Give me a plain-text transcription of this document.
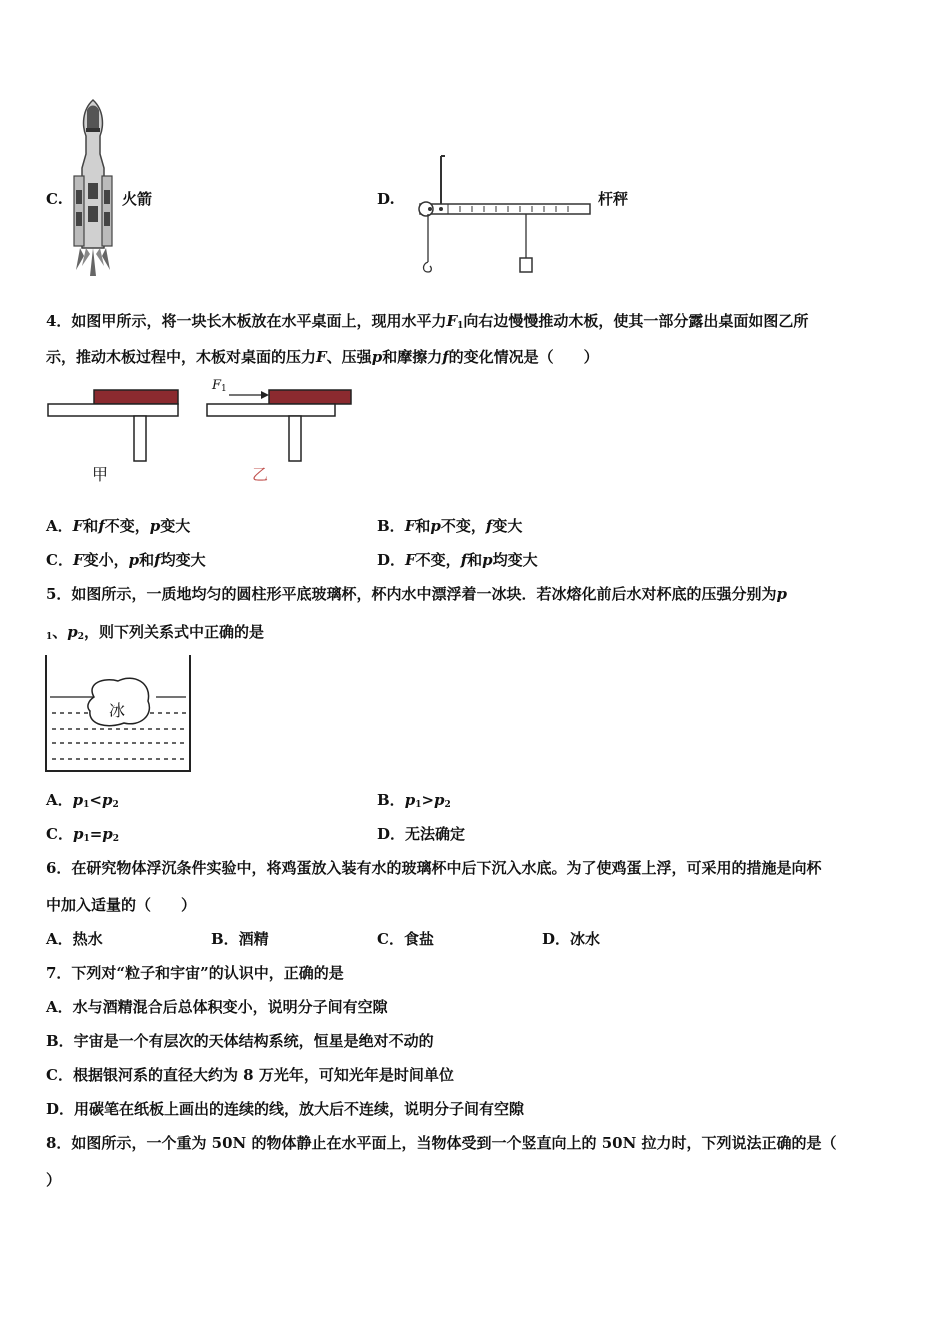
C.	火箭	D.	杆秤
4．如图甲所示，将一块长木板放在水平桌面上，现用水平力$F_1$向右边慢慢推动木板，使其一部分露出桌面如图乙所
示，推动木板过程中，木板对桌面的压力F、压强p和摩擦力f的变化情况是（　　）
甲
$F_1$
乙
A．F和f不变，p变大	B．F和p不变，f变大
C．F变小，p和f均变大	D．F不变，f和p均变大
5．如图所示，一质地均匀的圆柱形平底玻璃杯，杯内水中漂浮着一冰块．若冰熔化前后水对杯底的压强分别为p
$_1$、$p_2$，则下列关系式中正确的是
冰
A．$p_1<p_2$	B．$p_1>p_2$
C．$p_1=p_2$	D．无法确定
6．在研究物体浮沉条件实验中，将鸡蛋放入装有水的玻璃杯中后下沉入水底。为了使鸡蛋上浮，可采用的措施是向杯
中加入适量的（　　）
A．热水	B．酒精	C．食盐	D．冰水
7．下列对“粒子和宇宙”的认识中，正确的是
A．水与酒精混合后总体积变小，说明分子间有空隙
B．宇宙是一个有层次的天体结构系统，恒星是绝对不动的
C．根据银河系的直径大约为 8 万光年，可知光年是时间单位
D．用碳笔在纸板上画出的连续的线，放大后不连续，说明分子间有空隙
8．如图所示，一个重为 50N 的物体静止在水平面上，当物体受到一个竖直向上的 50N 拉力时，下列说法正确的是（
）
